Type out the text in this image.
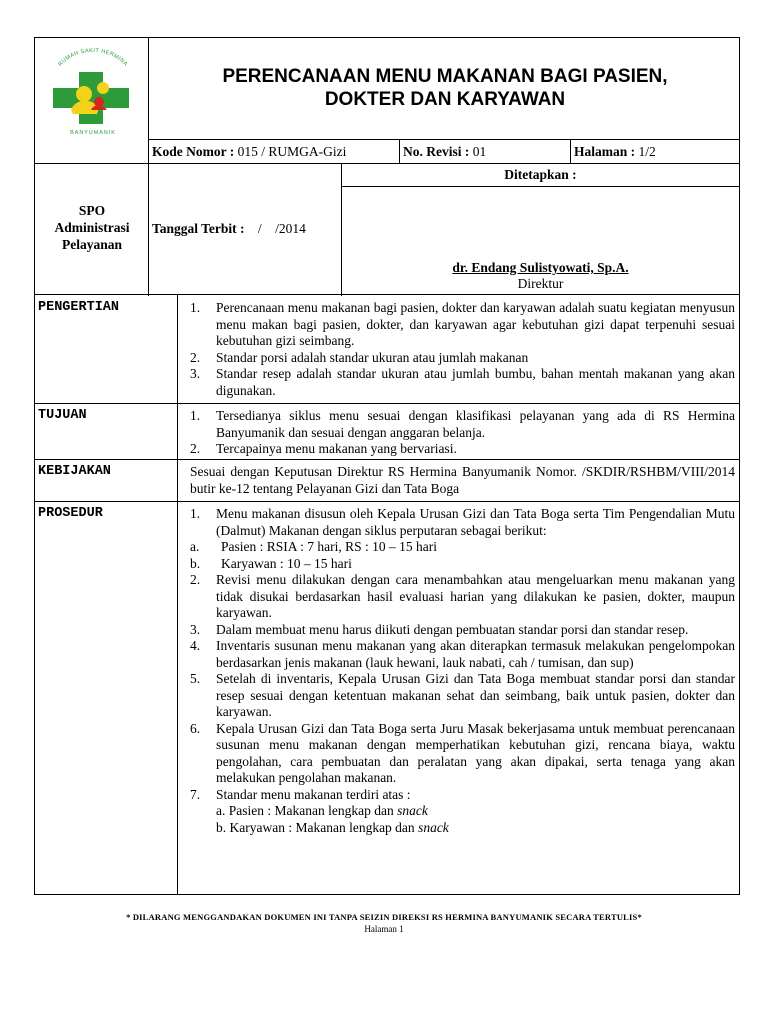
RUMAH SAKIT HERMINA
BANYUMANIK
PERENCANAAN MENU MAKANAN BAGI PASIEN,
DOKTER DAN KARYAWAN
Kode Nomor : 015 / RUMGA-Gizi	No. Revisi : 01	Halaman : 1/2
SPO
Administrasi
Pelayanan
Tanggal Terbit : /    /2014
Ditetapkan :
dr. Endang Sulistyowati, Sp.A.
Direktur
PENGERTIAN	1. Perencanaan menu makanan bagi pasien, dokter dan karyawan adalah suatu kegiatan menyusun menu makan bagi pasien, dokter, dan karyawan agar kebutuhan gizi dapat terpenuhi sesuai kebutuhan gizi seimbang.
2. Standar porsi adalah standar ukuran atau jumlah makanan
3. Standar resep adalah standar ukuran atau jumlah bumbu, bahan mentah makanan yang akan digunakan.
TUJUAN	1. Tersedianya siklus menu sesuai dengan klasifikasi pelayanan yang ada di RS Hermina Banyumanik dan sesuai dengan anggaran belanja.
2. Tercapainya menu makanan yang bervariasi.
KEBIJAKAN	Sesuai dengan Keputusan Direktur RS Hermina Banyumanik Nomor. /SKDIR/RSHBM/VIII/2014 butir ke-12 tentang Pelayanan Gizi dan Tata Boga
PROSEDUR	1. Menu makanan disusun oleh Kepala Urusan Gizi dan Tata Boga serta Tim Pengendalian Mutu (Dalmut) Makanan dengan siklus perputaran sebagai berikut:
a. Pasien : RSIA : 7 hari, RS : 10 – 15 hari
b. Karyawan : 10 – 15 hari
2. Revisi menu dilakukan dengan cara menambahkan atau mengeluarkan menu makanan yang tidak disukai berdasarkan hasil evaluasi harian yang dilakukan ke pasien, dokter, maupun karyawan.
3. Dalam membuat menu harus diikuti dengan pembuatan standar porsi dan standar resep.
4. Inventaris susunan menu makanan yang akan diterapkan termasuk melakukan pengelompokan berdasarkan jenis makanan (lauk hewani, lauk nabati, cah / tumisan, dan sup)
5. Setelah di inventaris, Kepala Urusan Gizi dan Tata Boga membuat standar porsi dan standar resep sesuai dengan ketentuan makanan sehat dan seimbang, baik untuk pasien, dokter dan karyawan.
6. Kepala Urusan Gizi dan Tata Boga serta Juru Masak bekerjasama untuk membuat perencanaan susunan menu makanan dengan memperhatikan kebutuhan gizi, rencana biaya, waktu pengolahan, cara pembuatan dan peralatan yang akan dipakai, serta tenaga yang akan melakukan pengolahan makanan.
7. Standar menu makanan terdiri atas :
a. Pasien : Makanan lengkap dan snack
b. Karyawan : Makanan lengkap dan snack
* DILARANG MENGGANDAKAN DOKUMEN INI TANPA SEIZIN DIREKSI RS HERMINA BANYUMANIK SECARA TERTULIS*
Halaman 1
